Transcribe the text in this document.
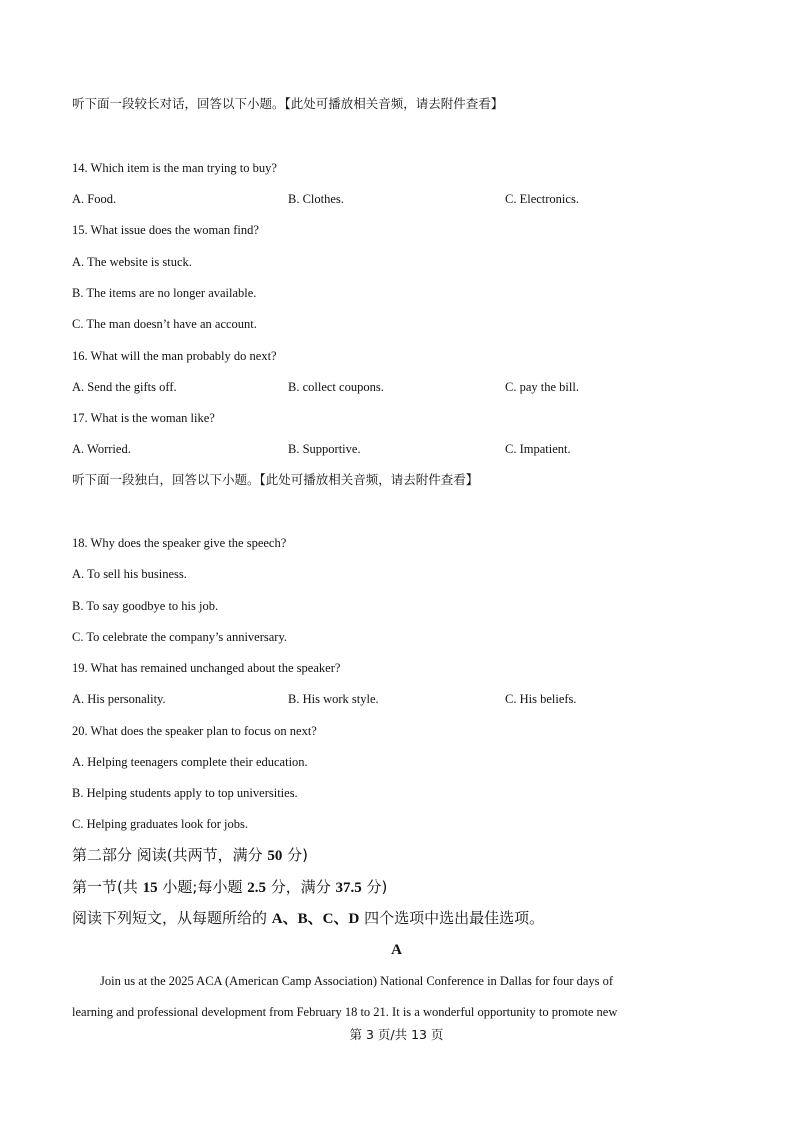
听下面一段较长对话，回答以下小题。【此处可播放相关音频，请去附件查看】
14. Which item is the man trying to buy?
A. Food.	B. Clothes.	C. Electronics.
15. What issue does the woman find?
A. The website is stuck.
B. The items are no longer available.
C. The man doesn’t have an account.
16. What will the man probably do next?
A. Send the gifts off.	B. collect coupons.	C. pay the bill.
17. What is the woman like?
A. Worried.	B. Supportive.	C. Impatient.
听下面一段独白，回答以下小题。【此处可播放相关音频，请去附件查看】
18. Why does the speaker give the speech?
A. To sell his business.
B. To say goodbye to his job.
C. To celebrate the company’s anniversary.
19. What has remained unchanged about the speaker?
A. His personality.	B. His work style.	C. His beliefs.
20. What does the speaker plan to focus on next?
A. Helping teenagers complete their education.
B. Helping students apply to top universities.
C. Helping graduates look for jobs.
第二部分 阅读(共两节，满分 50 分)
第一节(共 15 小题;每小题 2.5 分，满分 37.5 分)
阅读下列短文，从每题所给的 A、B、C、D 四个选项中选出最佳选项。
A
Join us at the 2025 ACA (American Camp Association) National Conference in Dallas for four days of
learning and professional development from February 18 to 21. It is a wonderful opportunity to promote new
第 3 页/共 13 页
